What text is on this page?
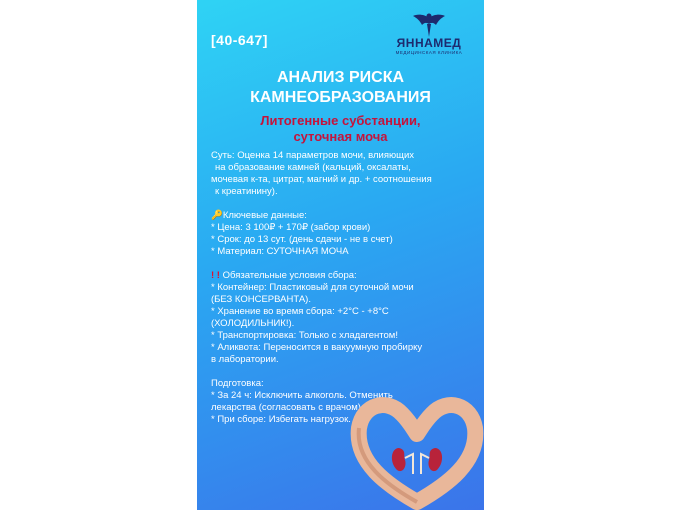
[40-647]	ЯННАМЕД
МЕДИЦИНСКАЯ КЛИНИКА
АНАЛИЗ РИСКА
КАМНЕОБРАЗОВАНИЯ
Литогенные субстанции,
суточная моча
Суть: Оценка 14 параметров мочи, влияющих
на образование камней (кальций, оксалаты,
мочевая к-та, цитрат, магний и др. + соотношения
к креатинину).
🔑Ключевые данные:
* Цена: 3 100₽ + 170₽ (забор крови)
* Срок: до 13 сут. (день сдачи - не в счет)
* Материал: СУТОЧНАЯ МОЧА
! ! Обязательные условия сбора:
* Контейнер: Пластиковый для суточной мочи
(БЕЗ КОНСЕРВАНТА).
* Хранение во время сбора: +2°C - +8°C
(ХОЛОДИЛЬНИК!).
* Транспортировка: Только с хладагентом!
* Аликвота: Переносится в вакуумную пробирку
в лаборатории.
Подготовка:
* За 24 ч: Исключить алкоголь. Отменить
лекарства (согласовать с врачом).
* При сборе: Избегать нагрузок.
